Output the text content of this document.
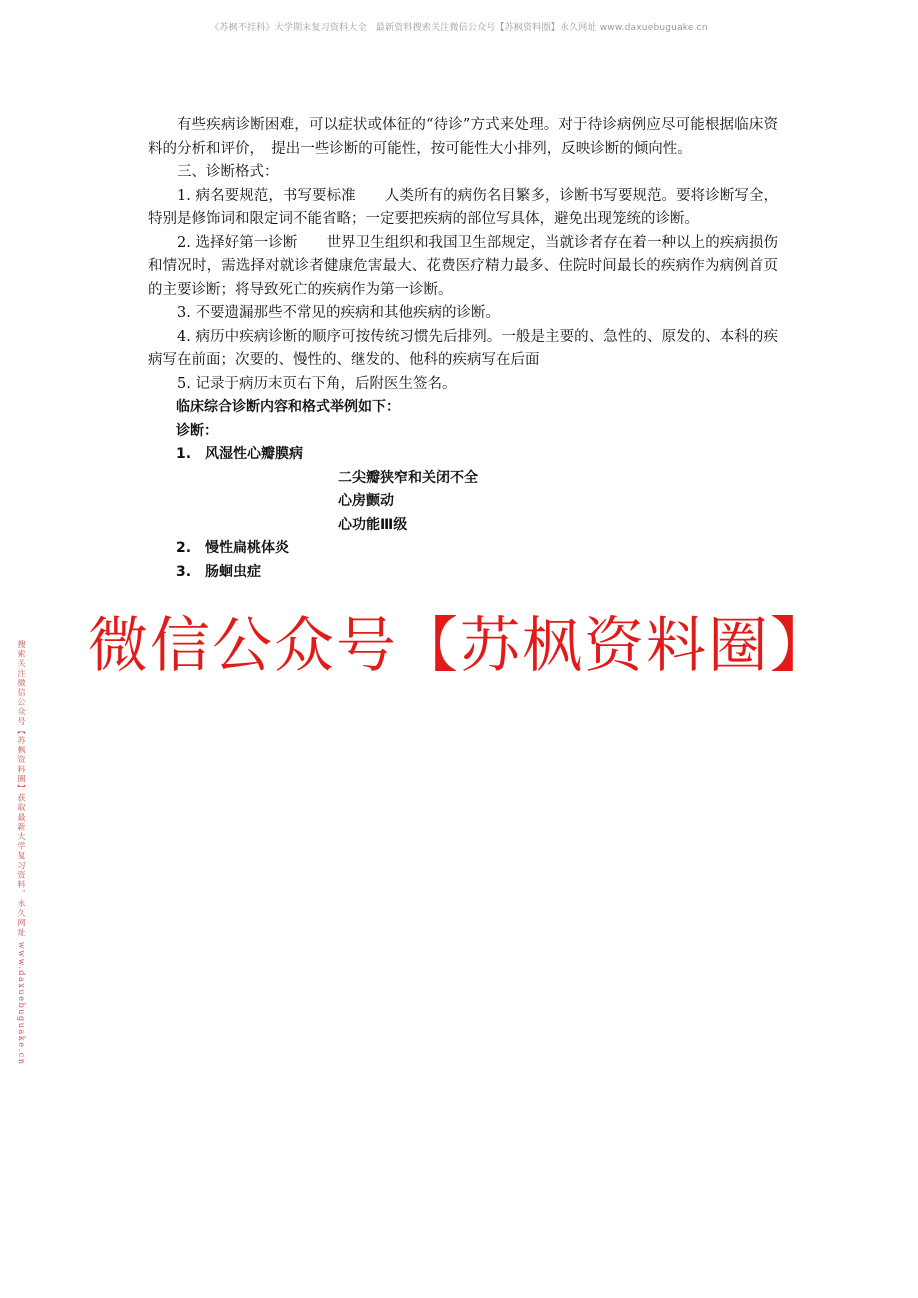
《苏枫不挂科》大学期末复习资料大全　最新资料搜索关注微信公众号【苏枫资料圈】永久网址 www.daxuebuguake.cn
搜索关注微信公众号【苏枫资料圈】获取最新大学复习资料，永久网址 www.daxuebuguake.cn

有些疾病诊断困难，可以症状或体征的“待诊”方式来处理。对于待诊病例应尽可能根据临床资料的分析和评价，　提出一些诊断的可能性，按可能性大小排列，反映诊断的倾向性。

三、诊断格式：

1. 病名要规范，书写要标准　　人类所有的病伤名目繁多，诊断书写要规范。要将诊断写全，特别是修饰词和限定词不能省略；一定要把疾病的部位写具体，避免出现笼统的诊断。

2. 选择好第一诊断　　世界卫生组织和我国卫生部规定，当就诊者存在着一种以上的疾病损伤和情况时，需选择对就诊者健康危害最大、花费医疗精力最多、住院时间最长的疾病作为病例首页的主要诊断；将导致死亡的疾病作为第一诊断。

3. 不要遗漏那些不常见的疾病和其他疾病的诊断。

4. 病历中疾病诊断的顺序可按传统习惯先后排列。一般是主要的、急性的、原发的、本科的疾病写在前面；次要的、慢性的、继发的、他科的疾病写在后面

5. 记录于病历末页右下角，后附医生签名。

临床综合诊断内容和格式举例如下：

诊断：

1.　风湿性心瓣膜病

二尖瓣狭窄和关闭不全

心房颤动

心功能Ⅲ级

2.　慢性扁桃体炎

3.　肠蛔虫症

微信公众号【苏枫资料圈】
